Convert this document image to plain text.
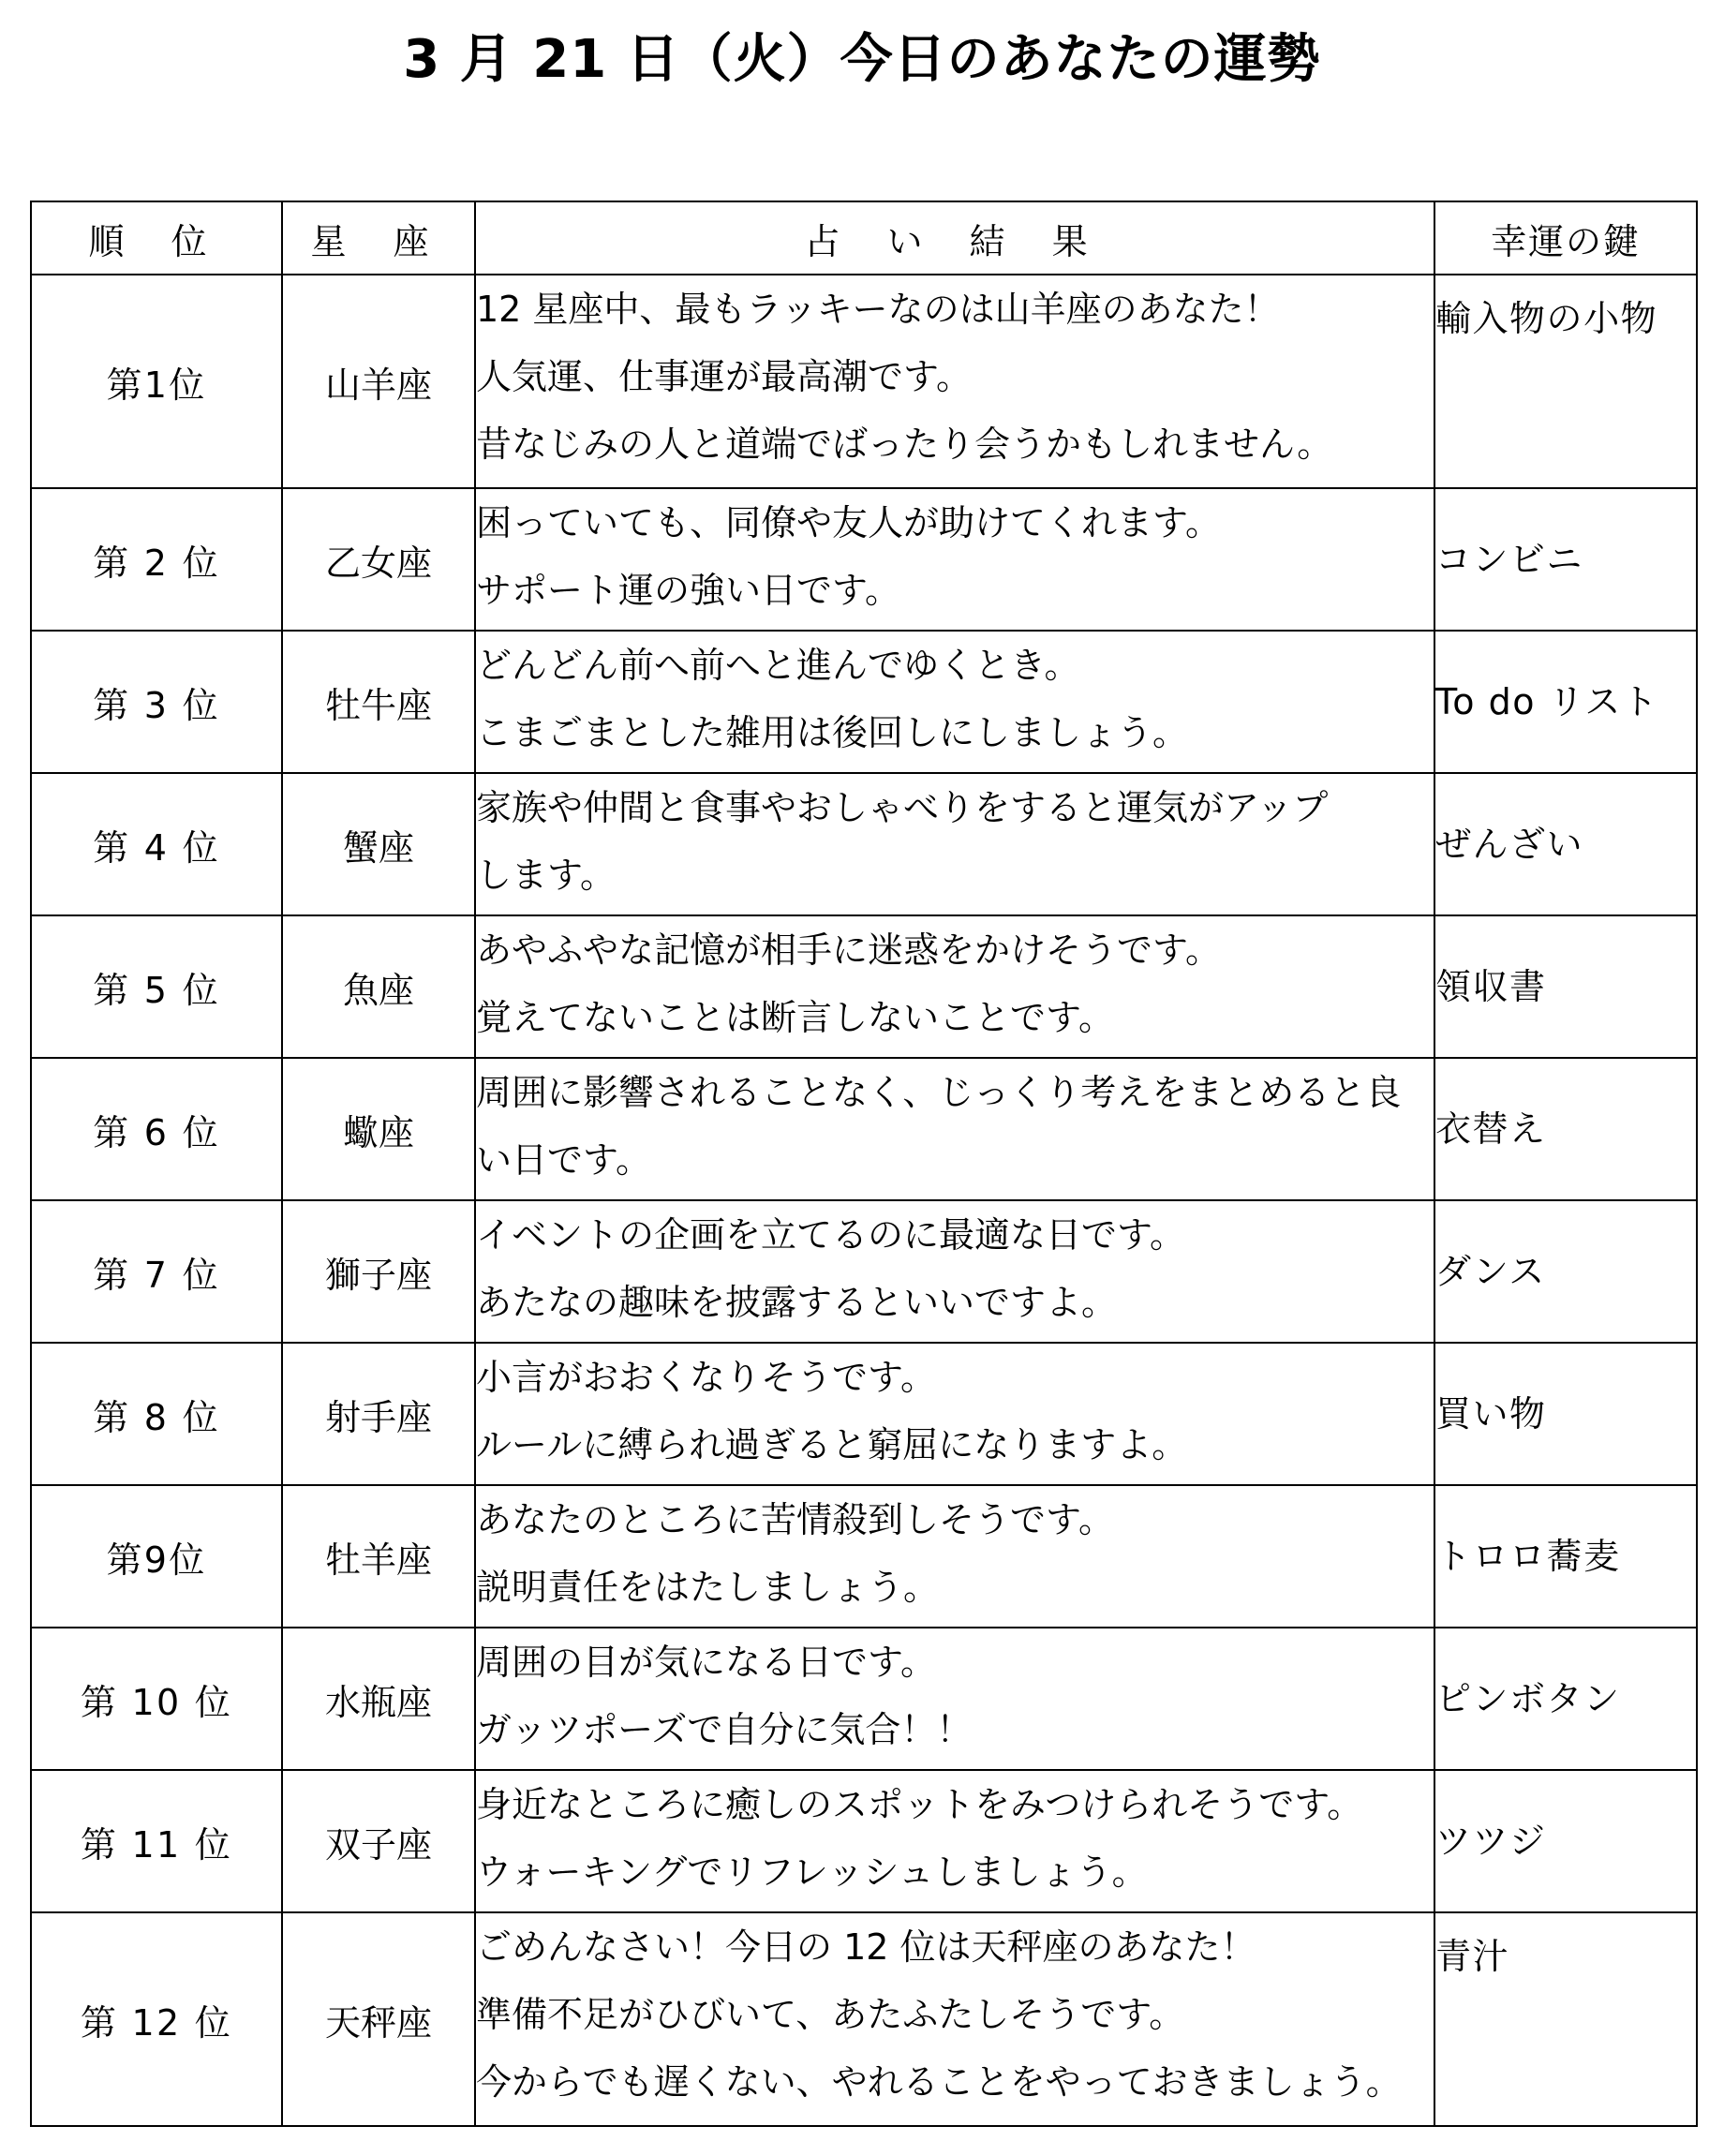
3 月 21 日（火）今日のあなたの運勢
順 位	星 座	占 い 結 果	幸運の鍵
第1位	山羊座	12 星座中、最もラッキーなのは山羊座のあなた！
人気運、仕事運が最高潮です。
昔なじみの人と道端でばったり会うかもしれません。	輸入物の小物
第 2 位	乙女座	困っていても、同僚や友人が助けてくれます。
サポート運の強い日です。	コンビニ
第 3 位	牡牛座	どんどん前へ前へと進んでゆくとき。
こまごまとした雑用は後回しにしましょう。	To do リスト
第 4 位	蟹座	家族や仲間と食事やおしゃべりをすると運気がアップ
します。	ぜんざい
第 5 位	魚座	あやふやな記憶が相手に迷惑をかけそうです。
覚えてないことは断言しないことです。	領収書
第 6 位	蠍座	周囲に影響されることなく、じっくり考えをまとめると良
い日です。	衣替え
第 7 位	獅子座	イベントの企画を立てるのに最適な日です。
あたなの趣味を披露するといいですよ。	ダンス
第 8 位	射手座	小言がおおくなりそうです。
ルールに縛られ過ぎると窮屈になりますよ。	買い物
第9位	牡羊座	あなたのところに苦情殺到しそうです。
説明責任をはたしましょう。	トロロ蕎麦
第 10 位	水瓶座	周囲の目が気になる日です。
ガッツポーズで自分に気合！！	ピンボタン
第 11 位	双子座	身近なところに癒しのスポットをみつけられそうです。
ウォーキングでリフレッシュしましょう。	ツツジ
第 12 位	天秤座	ごめんなさい！今日の 12 位は天秤座のあなた！
準備不足がひびいて、あたふたしそうです。
今からでも遅くない、やれることをやっておきましょう。	青汁
